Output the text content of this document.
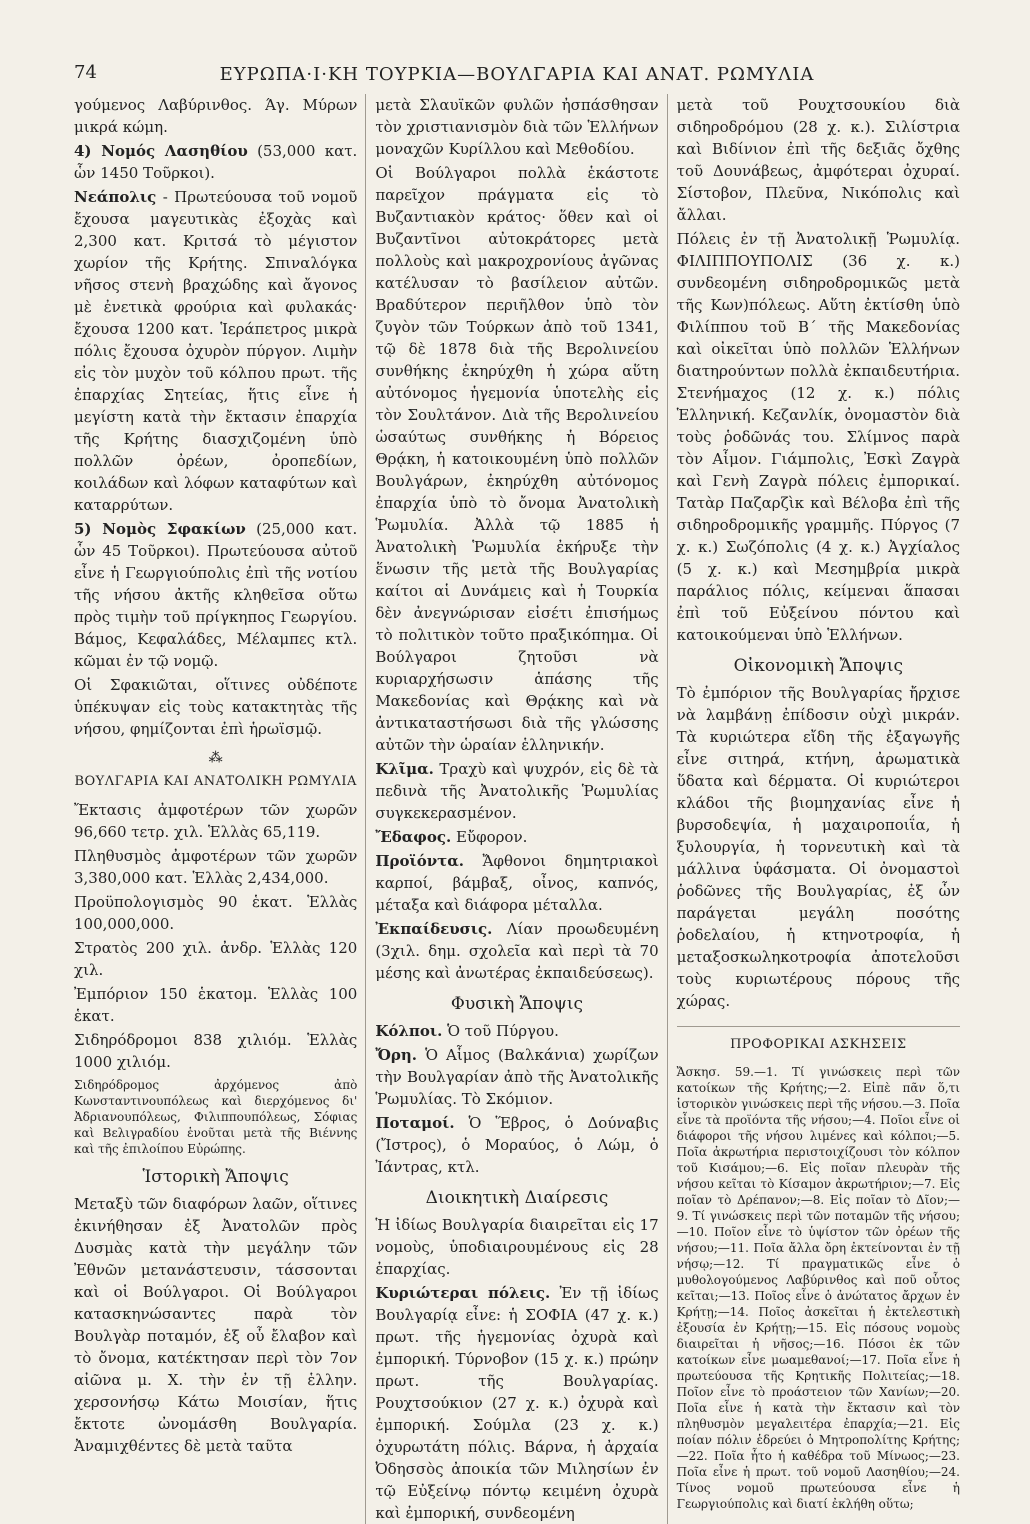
74	ΕΥΡΩΠΑ·Ι·ΚΗ ΤΟΥΡΚΙΑ—ΒΟΥΛΓΑΡΙΑ ΚΑΙ ΑΝΑΤ. ΡΩΜΥΛΙΑ

γούμενος Λαβύρινθος. Άγ. Μύρων μικρά κώμη.

4) Νομός Λασηθίου (53,000 κατ. ὧν 1450 Τοῦρκοι).

Νεάπολις - Πρωτεύουσα τοῦ νομοῦ ἔχουσα μαγευτικὰς ἐξοχὰς καὶ 2,300 κατ. Κριτσά τὸ μέγιστον χωρίον τῆς Κρήτης. Σπιναλόγκα νῆσος στενὴ βραχώδης καὶ ἄγονος μὲ ἐνετικὰ φρούρια καὶ φυλακάς· ἔχουσα 1200 κατ. Ἱεράπετρος μικρὰ πόλις ἔχουσα ὀχυρὸν πύργον. Λιμὴν εἰς τὸν μυχὸν τοῦ κόλπου πρωτ. τῆς ἐπαρχίας Σητείας, ἥτις εἶνε ἡ μεγίστη κατὰ τὴν ἔκτασιν ἐπαρχία τῆς Κρήτης διασχιζομένη ὑπὸ πολλῶν ὀρέων, ὀροπεδίων, κοιλάδων καὶ λόφων καταφύτων καὶ καταρρύτων.

5) Νομὸς Σφακίων (25,000 κατ. ὧν 45 Τοῦρκοι). Πρωτεύουσα αὐτοῦ εἶνε ἡ Γεωργιούπολις ἐπὶ τῆς νοτίου τῆς νήσου ἀκτῆς κληθεῖσα οὕτω πρὸς τιμὴν τοῦ πρίγκηπος Γεωργίου. Βάμος, Κεφαλάδες, Μέλαμπες κτλ. κῶμαι ἐν τῷ νομῷ.

Οἱ Σφακιῶται, οἵτινες οὐδέποτε ὑπέκυψαν εἰς τοὺς κατακτητὰς τῆς νήσου, φημίζονται ἐπὶ ἡρωϊσμῷ.

⁂
ΒΟΥΛΓΑΡΙΑ ΚΑΙ ΑΝΑΤΟΛΙΚΗ ΡΩΜΥΛΙΑ

Ἔκτασις ἀμφοτέρων τῶν χωρῶν 96,660 τετρ. χιλ. Ἑλλὰς 65,119.

Πληθυσμὸς ἀμφοτέρων τῶν χωρῶν 3,380,000 κατ. Ἑλλὰς 2,434,000.

Προϋπολογισμὸς 90 ἑκατ. Ἑλλὰς 100,000,000.

Στρατὸς 200 χιλ. ἀνδρ. Ἑλλὰς 120 χιλ.

Ἐμπόριον 150 ἑκατομ. Ἑλλὰς 100 ἑκατ.

Σιδηρόδρομοι 838 χιλιόμ. Ἑλλὰς 1000 χιλιόμ.

Σιδηρόδρομος ἀρχόμενος ἀπὸ Κωνσταντινουπόλεως καὶ διερχόμενος δι' Ἀδριανουπόλεως, Φιλιππουπόλεως, Σόφιας καὶ Βελιγραδίου ἑνοῦται μετὰ τῆς Βιέννης καὶ τῆς ἐπιλοίπου Εὐρώπης.

Ἱστορικὴ Ἄποψις

Μεταξὺ τῶν διαφόρων λαῶν, οἵτινες ἐκινήθησαν ἐξ Ἀνατολῶν πρὸς Δυσμὰς κατὰ τὴν μεγάλην τῶν Ἐθνῶν μετανάστευσιν, τάσσονται καὶ οἱ Βούλγαροι. Οἱ Βούλγαροι κατασκηνώσαντες παρὰ τὸν Βουλγὰρ ποταμόν, ἐξ οὗ ἔλαβον καὶ τὸ ὄνομα, κατέκτησαν περὶ τὸν 7ον αἰῶνα μ. Χ. τὴν ἐν τῇ ἑλλην. χερσονήσῳ Κάτω Μοισίαν, ἥτις ἔκτοτε ὠνομάσθη Βουλγαρία. Ἀναμιχθέντες δὲ μετὰ ταῦτα

μετὰ Σλαυϊκῶν φυλῶν ἠσπάσθησαν τὸν χριστιανισμὸν διὰ τῶν Ἑλλήνων μοναχῶν Κυρίλλου καὶ Μεθοδίου.

Οἱ Βούλγαροι πολλὰ ἑκάστοτε παρεῖχον πράγματα εἰς τὸ Βυζαντιακὸν κράτος· ὅθεν καὶ οἱ Βυζαντῖνοι αὐτοκράτορες μετὰ πολλοὺς καὶ μακροχρονίους ἀγῶνας κατέλυσαν τὸ βασίλειον αὐτῶν. Βραδύτερον περιῆλθον ὑπὸ τὸν ζυγὸν τῶν Τούρκων ἀπὸ τοῦ 1341, τῷ δὲ 1878 διὰ τῆς Βερολινείου συνθήκης ἐκηρύχθη ἡ χώρα αὕτη αὐτόνομος ἡγεμονία ὑποτελὴς εἰς τὸν Σουλτάνον. Διὰ τῆς Βερολινείου ὡσαύτως συνθήκης ἡ Βόρειος Θρᾴκη, ἡ κατοικουμένη ὑπὸ πολλῶν Βουλγάρων, ἐκηρύχθη αὐτόνομος ἐπαρχία ὑπὸ τὸ ὄνομα Ἀνατολικὴ Ῥωμυλία. Ἀλλὰ τῷ 1885 ἡ Ἀνατολικὴ Ῥωμυλία ἐκήρυξε τὴν ἕνωσιν τῆς μετὰ τῆς Βουλγαρίας καίτοι αἱ Δυνάμεις καὶ ἡ Τουρκία δὲν ἀνεγνώρισαν εἰσέτι ἐπισήμως τὸ πολιτικὸν τοῦτο πραξικόπημα. Οἱ Βούλγαροι ζητοῦσι νὰ κυριαρχήσωσιν ἁπάσης τῆς Μακεδονίας καὶ Θρᾴκης καὶ νὰ ἀντικαταστήσωσι διὰ τῆς γλώσσης αὐτῶν τὴν ὡραίαν ἑλληνικήν.

Κλῖμα. Τραχὺ καὶ ψυχρόν, εἰς δὲ τὰ πεδινὰ τῆς Ἀνατολικῆς Ῥωμυλίας συγκεκερασμένον.

Ἔδαφος. Εὔφορον.

Προϊόντα. Ἄφθονοι δημητριακοὶ καρποί, βάμβαξ, οἶνος, καπνός, μέταξα καὶ διάφορα μέταλλα.

Ἐκπαίδευσις. Λίαν προωδευμένη (3χιλ. δημ. σχολεῖα καὶ περὶ τὰ 70 μέσης καὶ ἀνωτέρας ἐκπαιδεύσεως).

Φυσικὴ Ἄποψις

Κόλποι. Ὁ τοῦ Πύργου.

Ὄρη. Ὁ Αἷμος (Βαλκάνια) χωρίζων τὴν Βουλγαρίαν ἀπὸ τῆς Ἀνατολικῆς Ῥωμυλίας. Τὸ Σκόμιον.

Ποταμοί. Ὁ Ἕβρος, ὁ Δούναβις (Ἴστρος), ὁ Μοραύος, ὁ Λώμ, ὁ Ἰάντρας, κτλ.

Διοικητικὴ Διαίρεσις

Ἡ ἰδίως Βουλγαρία διαιρεῖται εἰς 17 νομοὺς, ὑποδιαιρουμένους εἰς 28 ἐπαρχίας.

Κυριώτεραι πόλεις. Ἐν τῇ ἰδίως Βουλγαρίᾳ εἶνε: ἡ ΣΟΦΙΑ (47 χ. κ.) πρωτ. τῆς ἡγεμονίας ὀχυρὰ καὶ ἐμπορική. Τύρνοβον (15 χ. κ.) πρώην πρωτ. τῆς Βουλγαρίας. Ρουχτσούκιον (27 χ. κ.) ὀχυρὰ καὶ ἐμπορική. Σούμλα (23 χ. κ.) ὀχυρωτάτη πόλις. Βάρνα, ἡ ἀρχαία Ὀδησσὸς ἀποικία τῶν Μιλησίων ἐν τῷ Εὐξείνῳ πόντῳ κειμένη ὀχυρὰ καὶ ἐμπορική, συνδεομένη

μετὰ τοῦ Ρουχτσουκίου διὰ σιδηροδρόμου (28 χ. κ.). Σιλίστρια καὶ Βιδίνιον ἐπὶ τῆς δεξιᾶς ὄχθης τοῦ Δουνάβεως, ἀμφότεραι ὀχυραί. Σίστοβον, Πλεῦνα, Νικόπολις καὶ ἄλλαι.

Πόλεις ἐν τῇ Ἀνατολικῇ Ῥωμυλίᾳ. ΦΙΛΙΠΠΟΥΠΟΛΙΣ (36 χ. κ.) συνδεομένη σιδηροδρομικῶς μετὰ τῆς Κων)πόλεως. Αὕτη ἐκτίσθη ὑπὸ Φιλίππου τοῦ Β΄ τῆς Μακεδονίας καὶ οἰκεῖται ὑπὸ πολλῶν Ἑλλήνων διατηρούντων πολλὰ ἐκπαιδευτήρια. Στενήμαχος (12 χ. κ.) πόλις Ἑλληνική. Κεζανλίκ, ὀνομαστὸν διὰ τοὺς ῥοδῶνάς του. Σλίμνος παρὰ τὸν Αἷμον. Γιάμπολις, Ἐσκὶ Ζαγρὰ καὶ Γενὴ Ζαγρὰ πόλεις ἐμπορικαί. Τατὰρ Παζαρζὶκ καὶ Βέλοβα ἐπὶ τῆς σιδηροδρομικῆς γραμμῆς. Πύργος (7 χ. κ.) Σωζόπολις (4 χ. κ.) Ἀγχίαλος (5 χ. κ.) καὶ Μεσημβρία μικρὰ παράλιος πόλις, κείμεναι ἅπασαι ἐπὶ τοῦ Εὐξείνου πόντου καὶ κατοικούμεναι ὑπὸ Ἑλλήνων.

Οἰκονομικὴ Ἄποψις

Τὸ ἐμπόριον τῆς Βουλγαρίας ἤρχισε νὰ λαμβάνῃ ἐπίδοσιν οὐχὶ μικράν. Τὰ κυριώτερα εἴδη τῆς ἐξαγωγῆς εἶνε σιτηρά, κτήνη, ἀρωματικὰ ὕδατα καὶ δέρματα. Οἱ κυριώτεροι κλάδοι τῆς βιομηχανίας εἶνε ἡ βυρσοδεψία, ἡ μαχαιροποιΐα, ἡ ξυλουργία, ἡ τορνευτικὴ καὶ τὰ μάλλινα ὑφάσματα. Οἱ ὀνομαστοὶ ῥοδῶνες τῆς Βουλγαρίας, ἐξ ὧν παράγεται μεγάλη ποσότης ῥοδελαίου, ἡ κτηνοτροφία, ἡ μεταξοσκωληκοτροφία ἀποτελοῦσι τοὺς κυριωτέρους πόρους τῆς χώρας.

ΠΡΟΦΟΡΙΚΑΙ ΑΣΚΗΣΕΙΣ

Ἄσκησ. 59.—1. Τί γινώσκεις περὶ τῶν κατοίκων τῆς Κρήτης;—2. Εἰπὲ πᾶν ὅ,τι ἱστορικὸν γινώσκεις περὶ τῆς νήσου.—3. Ποῖα εἶνε τὰ προϊόντα τῆς νήσου;—4. Ποῖοι εἶνε οἱ διάφοροι τῆς νήσου λιμένες καὶ κόλποι;—5. Ποῖα ἀκρωτήρια περιστοιχίζουσι τὸν κόλπον τοῦ Κισάμου;—6. Εἰς ποῖαν πλευρὰν τῆς νήσου κεῖται τὸ Κίσαμον ἀκρωτήριον;—7. Εἰς ποῖαν τὸ Δρέπανον;—8. Εἰς ποῖαν τὸ Δῖον;—9. Τί γινώσκεις περὶ τῶν ποταμῶν τῆς νήσου;—10. Ποῖον εἶνε τὸ ὑψίστον τῶν ὀρέων τῆς νήσου;—11. Ποῖα ἄλλα ὄρη ἐκτείνονται ἐν τῇ νήσῳ;—12. Τί πραγματικῶς εἶνε ὁ μυθολογούμενος Λαβύρινθος καὶ ποῦ οὗτος κεῖται;—13. Ποῖος εἶνε ὁ ἀνώτατος ἄρχων ἐν Κρήτῃ;—14. Ποῖος ἀσκεῖται ἡ ἐκτελεστικὴ ἐξουσία ἐν Κρήτῃ;—15. Εἰς πόσους νομοὺς διαιρεῖται ἡ νῆσος;—16. Πόσοι ἐκ τῶν κατοίκων εἶνε μωαμεθανοί;—17. Ποῖα εἶνε ἡ πρωτεύουσα τῆς Κρητικῆς Πολιτείας;—18. Ποῖον εἶνε τὸ προάστειον τῶν Χανίων;—20. Ποῖα εἶνε ἡ κατὰ τὴν ἔκτασιν καὶ τὸν πληθυσμὸν μεγαλειτέρα ἐπαρχία;—21. Εἰς ποίαν πόλιν ἑδρεύει ὁ Μητροπολίτης Κρήτης;—22. Ποῖα ἦτο ἡ καθέδρα τοῦ Μίνωος;—23. Ποῖα εἶνε ἡ πρωτ. τοῦ νομοῦ Λασηθίου;—24. Τίνος νομοῦ πρωτεύουσα εἶνε ἡ Γεωργιούπολις καὶ διατί ἐκλήθη οὕτω;
